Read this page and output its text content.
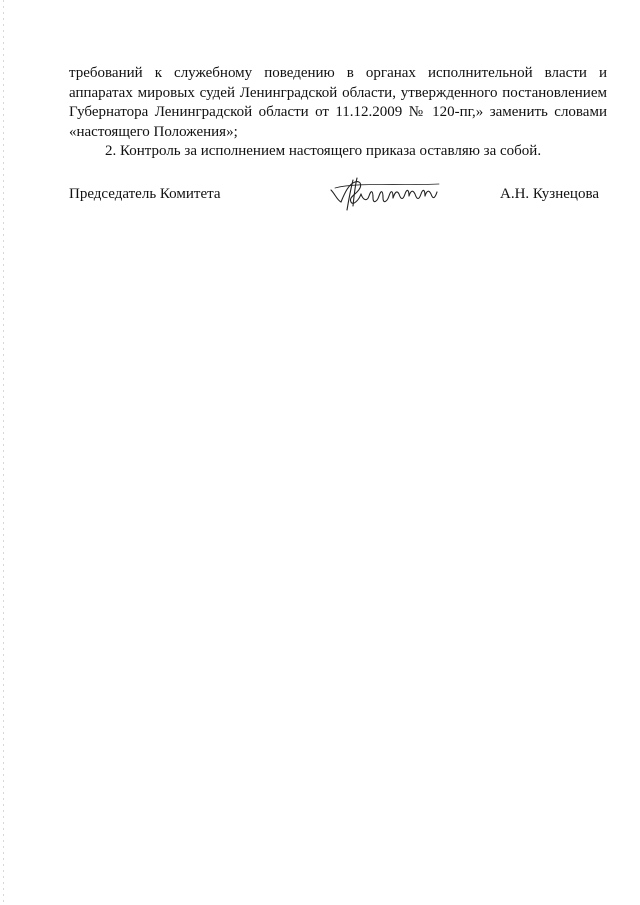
требований к служебному поведению в органах исполнительной власти и
аппаратах мировых судей Ленинградской области, утвержденного постановлением
Губернатора Ленинградской области от 11.12.2009 № 120-пг,» заменить словами
«настоящего Положения»;

2. Контроль за исполнением настоящего приказа оставляю за собой.

Председатель Комитета	А.Н. Кузнецова
